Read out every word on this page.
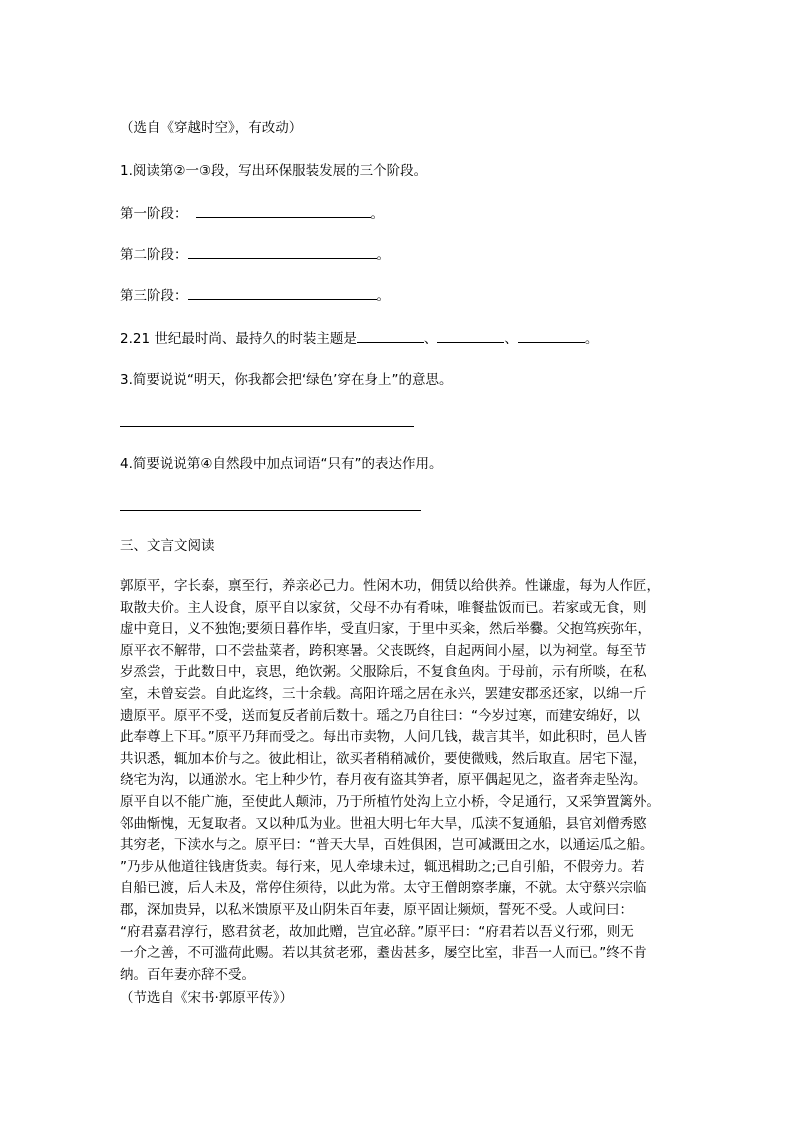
（选自《穿越时空》，有改动）
1.阅读第②一③段，写出环保服装发展的三个阶段。
第一阶段：	。
第二阶段：	。
第三阶段：	。
2.21 世纪最时尚、最持久的时装主题是	、	、	。
3.简要说说“明天，你我都会把‘绿色’穿在身上”的意思。
4.简要说说第④自然段中加点词语“只有”的表达作用。
三、文言文阅读
郭原平，字长泰，禀至行，养亲必己力。性闲木功，佣赁以给供养。性谦虚，每为人作匠，
取散夫价。主人设食，原平自以家贫，父母不办有肴味，唯餐盐饭而已。若家或无食，则
虚中竟日，义不独饱;要须日暮作毕，受直归家，于里中买籴，然后举爨。父抱笃疾弥年，
原平衣不解带，口不尝盐菜者，跨积寒暑。父丧既终，自起两间小屋，以为祠堂。每至节
岁烝尝，于此数日中，哀思，绝饮粥。父服除后，不复食鱼肉。于母前，示有所啖，在私
室，未曾妄尝。自此迄终，三十余载。高阳许瑶之居在永兴，罢建安郡丞还家，以绵一斤
遗原平。原平不受，送而复反者前后数十。瑶之乃自往曰：“今岁过寒，而建安绵好，以
此奉尊上下耳。”原平乃拜而受之。每出市卖物，人问几钱，裁言其半，如此积时，邑人皆
共识悉，辄加本价与之。彼此相让，欲买者稍稍减价，要使微贱，然后取直。居宅下湿，
绕宅为沟，以通淤水。宅上种少竹，春月夜有盗其笋者，原平偶起见之，盗者奔走坠沟。
原平自以不能广施，至使此人颠沛，乃于所植竹处沟上立小桥，令足通行，又采笋置篱外。
邻曲惭愧，无复取者。又以种瓜为业。世祖大明七年大旱，瓜渎不复通船，县官刘僧秀愍
其穷老，下渎水与之。原平曰：“普天大旱，百姓俱困，岂可减溉田之水，以通运瓜之船。
”乃步从他道往钱唐货卖。每行来，见人牵埭未过，辄迅楫助之;己自引船，不假旁力。若
自船已渡，后人未及，常停住须待，以此为常。太守王僧朗察孝廉，不就。太守蔡兴宗临
郡，深加贵异，以私米馈原平及山阴朱百年妻，原平固让频烦，誓死不受。人或问曰：
“府君嘉君淳行，愍君贫老，故加此赠，岂宜必辞。”原平曰：“府君若以吾义行邪，则无
一介之善，不可滥荷此赐。若以其贫老邪，耋齿甚多，屡空比室，非吾一人而已。”终不肯
纳。百年妻亦辞不受。
（节选自《宋书·郭原平传》）
